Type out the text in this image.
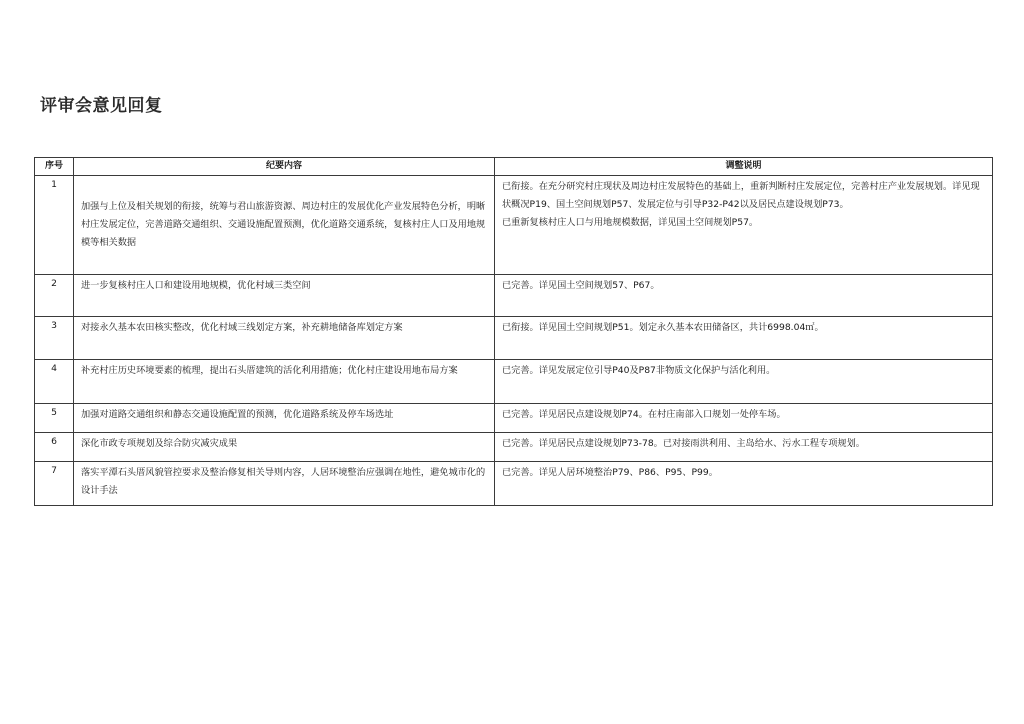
评审会意见回复
序号	纪要内容	调整说明
1	加强与上位及相关规划的衔接，统筹与君山旅游资源、周边村庄的发展优化产业发展特色分析，明晰村庄发展定位，完善道路交通组织、交通设施配置预测，优化道路交通系统，复核村庄人口及用地规模等相关数据	已衔接。在充分研究村庄现状及周边村庄发展特色的基础上，重新判断村庄发展定位，完善村庄产业发展规划。详见现状概况P19、国土空间规划P57、发展定位与引导P32-P42以及居民点建设规划P73。
已重新复核村庄人口与用地规模数据，详见国土空间规划P57。

2	进一步复核村庄人口和建设用地规模，优化村域三类空间	已完善。详见国土空间规划57、P67。

3	对接永久基本农田核实整改，优化村域三线划定方案，补充耕地储备库划定方案	已衔接。详见国土空间规划P51。划定永久基本农田储备区，共计6998.04㎡。

4	补充村庄历史环境要素的梳理，提出石头厝建筑的活化利用措施；优化村庄建设用地布局方案	已完善。详见发展定位引导P40及P87非物质文化保护与活化利用。

5	加强对道路交通组织和静态交通设施配置的预测，优化道路系统及停车场选址	已完善。详见居民点建设规划P74。在村庄南部入口规划一处停车场。

6	深化市政专项规划及综合防灾减灾成果	已完善。详见居民点建设规划P73-78。已对接雨洪利用、主岛给水、污水工程专项规划。

7	落实平潭石头厝风貌管控要求及整治修复相关导则内容，人居环境整治应强调在地性，避免城市化的设计手法	已完善。详见人居环境整治P79、P86、P95、P99。
